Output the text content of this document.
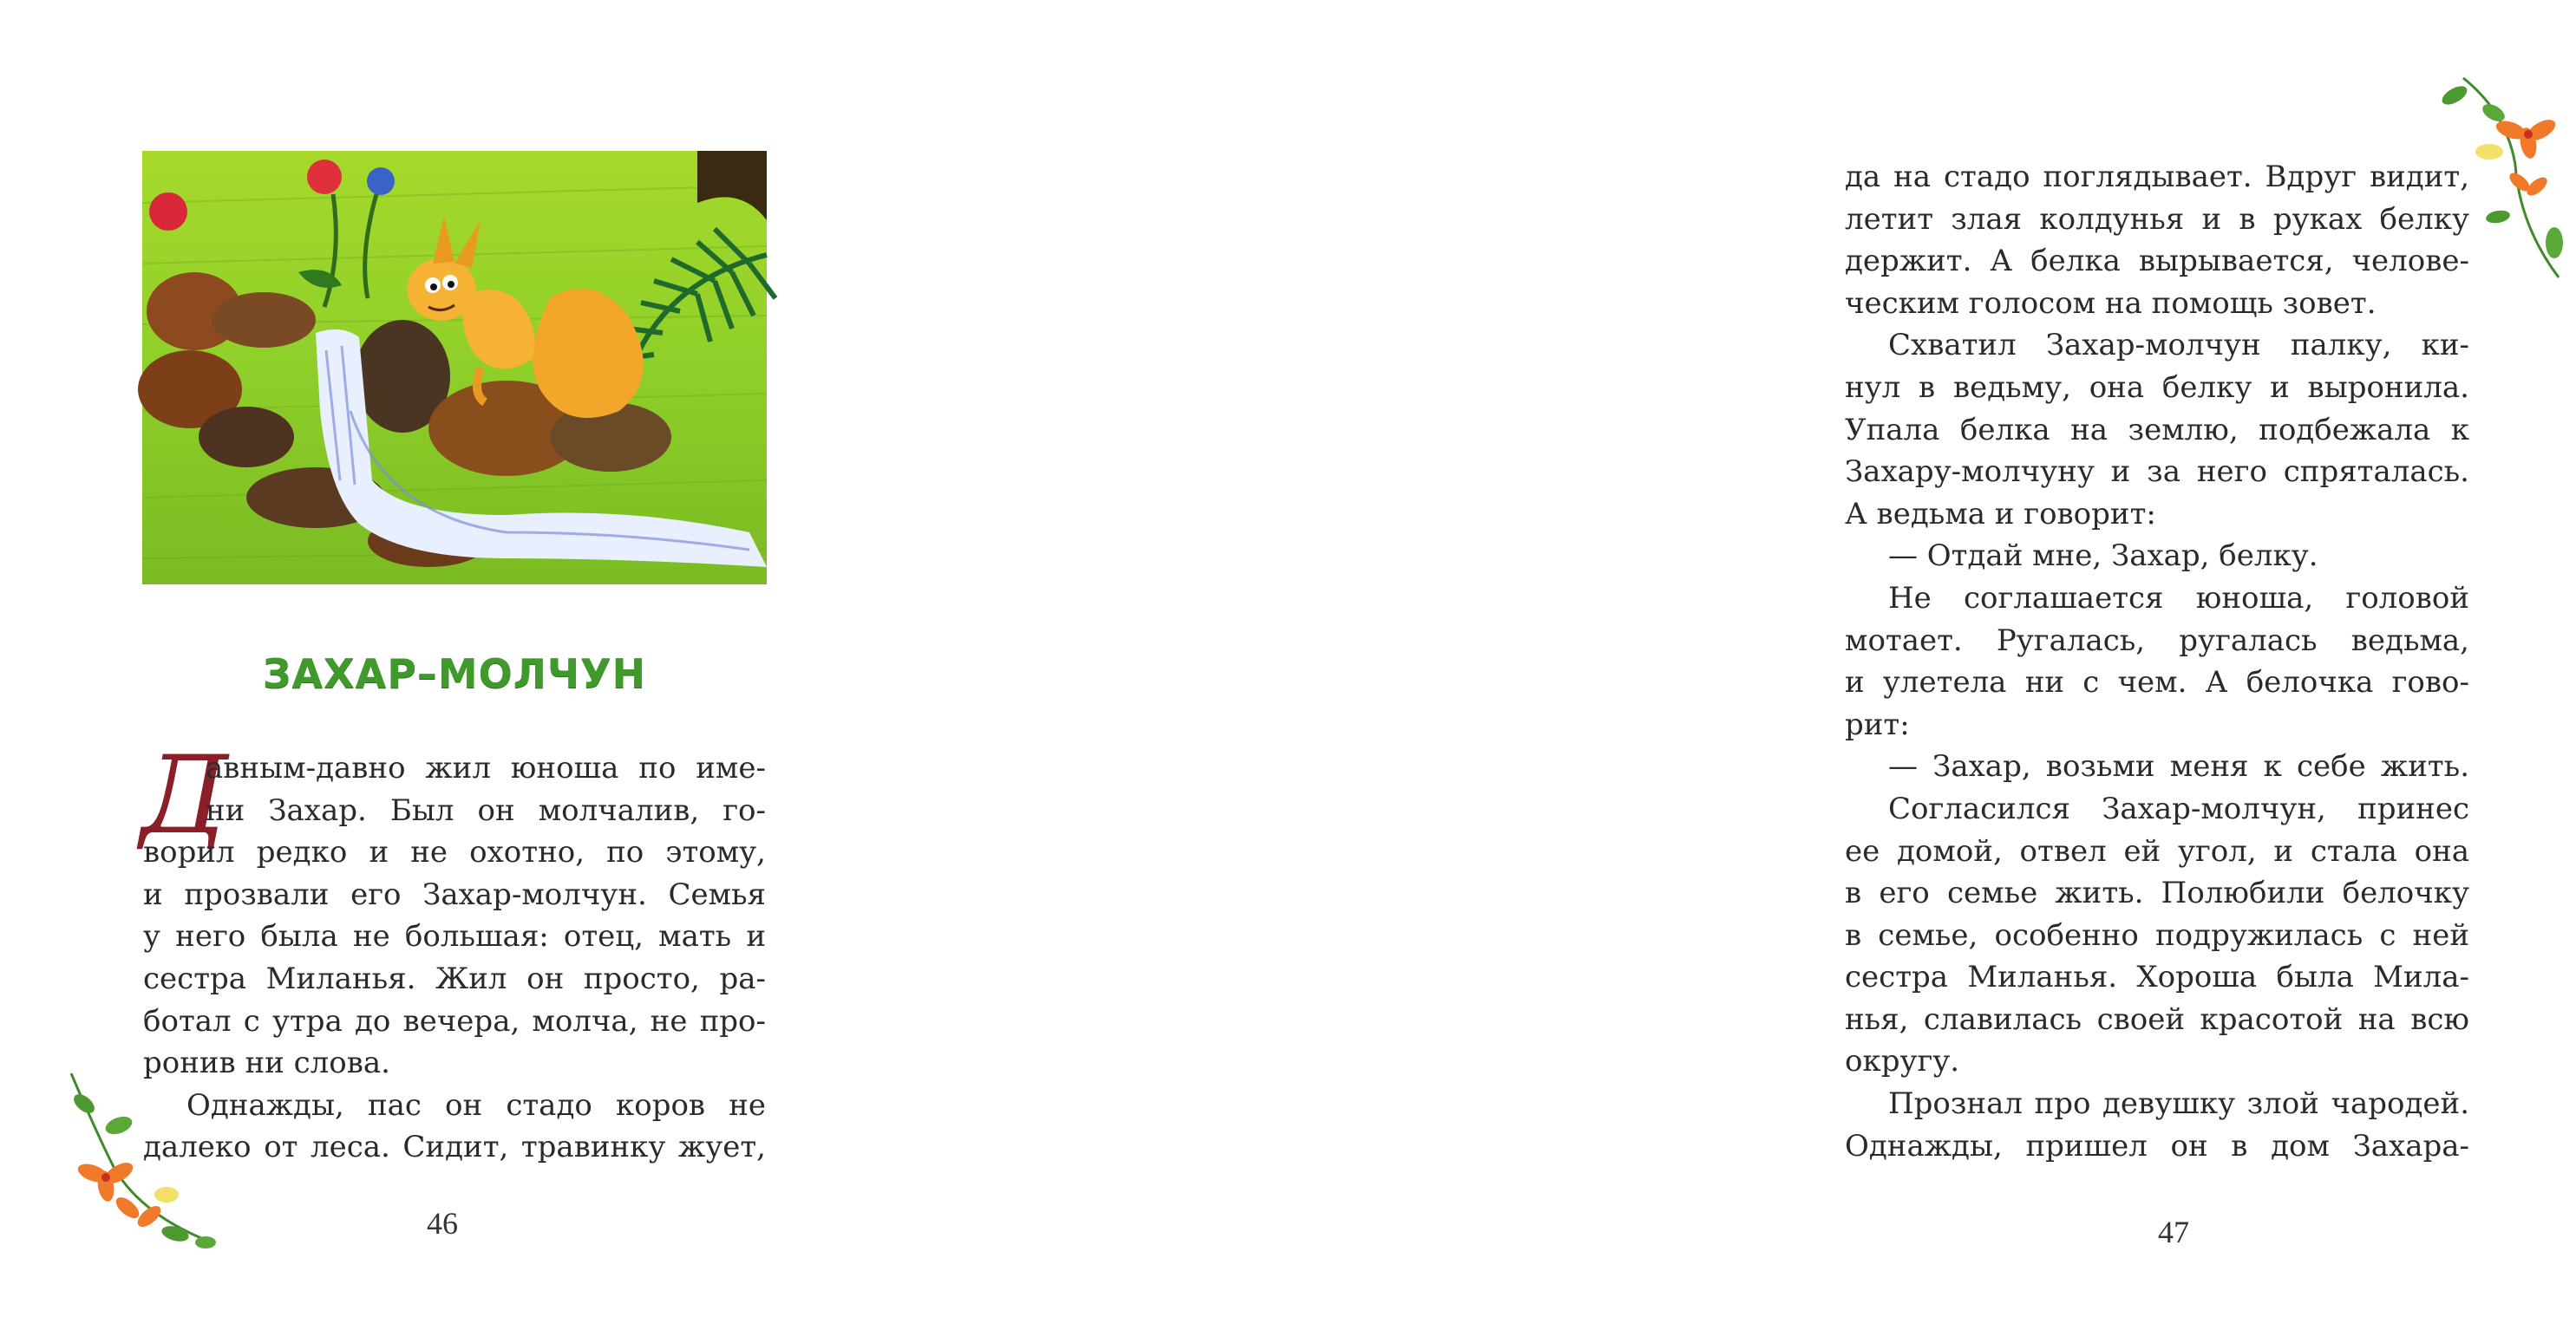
ЗАХАР–МОЛЧУН
Д
авным-давно жил юноша по име-
ни Захар. Был он молчалив, го-
ворил редко и не охотно, по этому,
и прозвали его Захар-молчун. Семья
у него была не большая: отец, мать и
сестра Миланья. Жил он просто, ра-
ботал с утра до вечера, молча, не про-
ронив ни слова.
Однажды, пас он стадо коров не
далеко от леса. Сидит, травинку жует,
46
да на стадо поглядывает. Вдруг видит,
летит злая колдунья и в руках белку
держит. А белка вырывается, челове-
ческим голосом на помощь зовет.
Схватил Захар-молчун палку, ки-
нул в ведьму, она белку и выронила.
Упала белка на землю, подбежала к
Захару-молчуну и за него спряталась.
А ведьма и говорит:
— Отдай мне, Захар, белку.
Не соглашается юноша, головой
мотает. Ругалась, ругалась ведьма,
и улетела ни с чем. А белочка гово-
рит:
— Захар, возьми меня к себе жить.
Согласился Захар-молчун, принес
ее домой, отвел ей угол, и стала она
в его семье жить. Полюбили белочку
в семье, особенно подружилась с ней
сестра Миланья. Хороша была Мила-
нья, славилась своей красотой на всю
округу.
Прознал про девушку злой чародей.
Однажды, пришел он в дом Захара-
47
